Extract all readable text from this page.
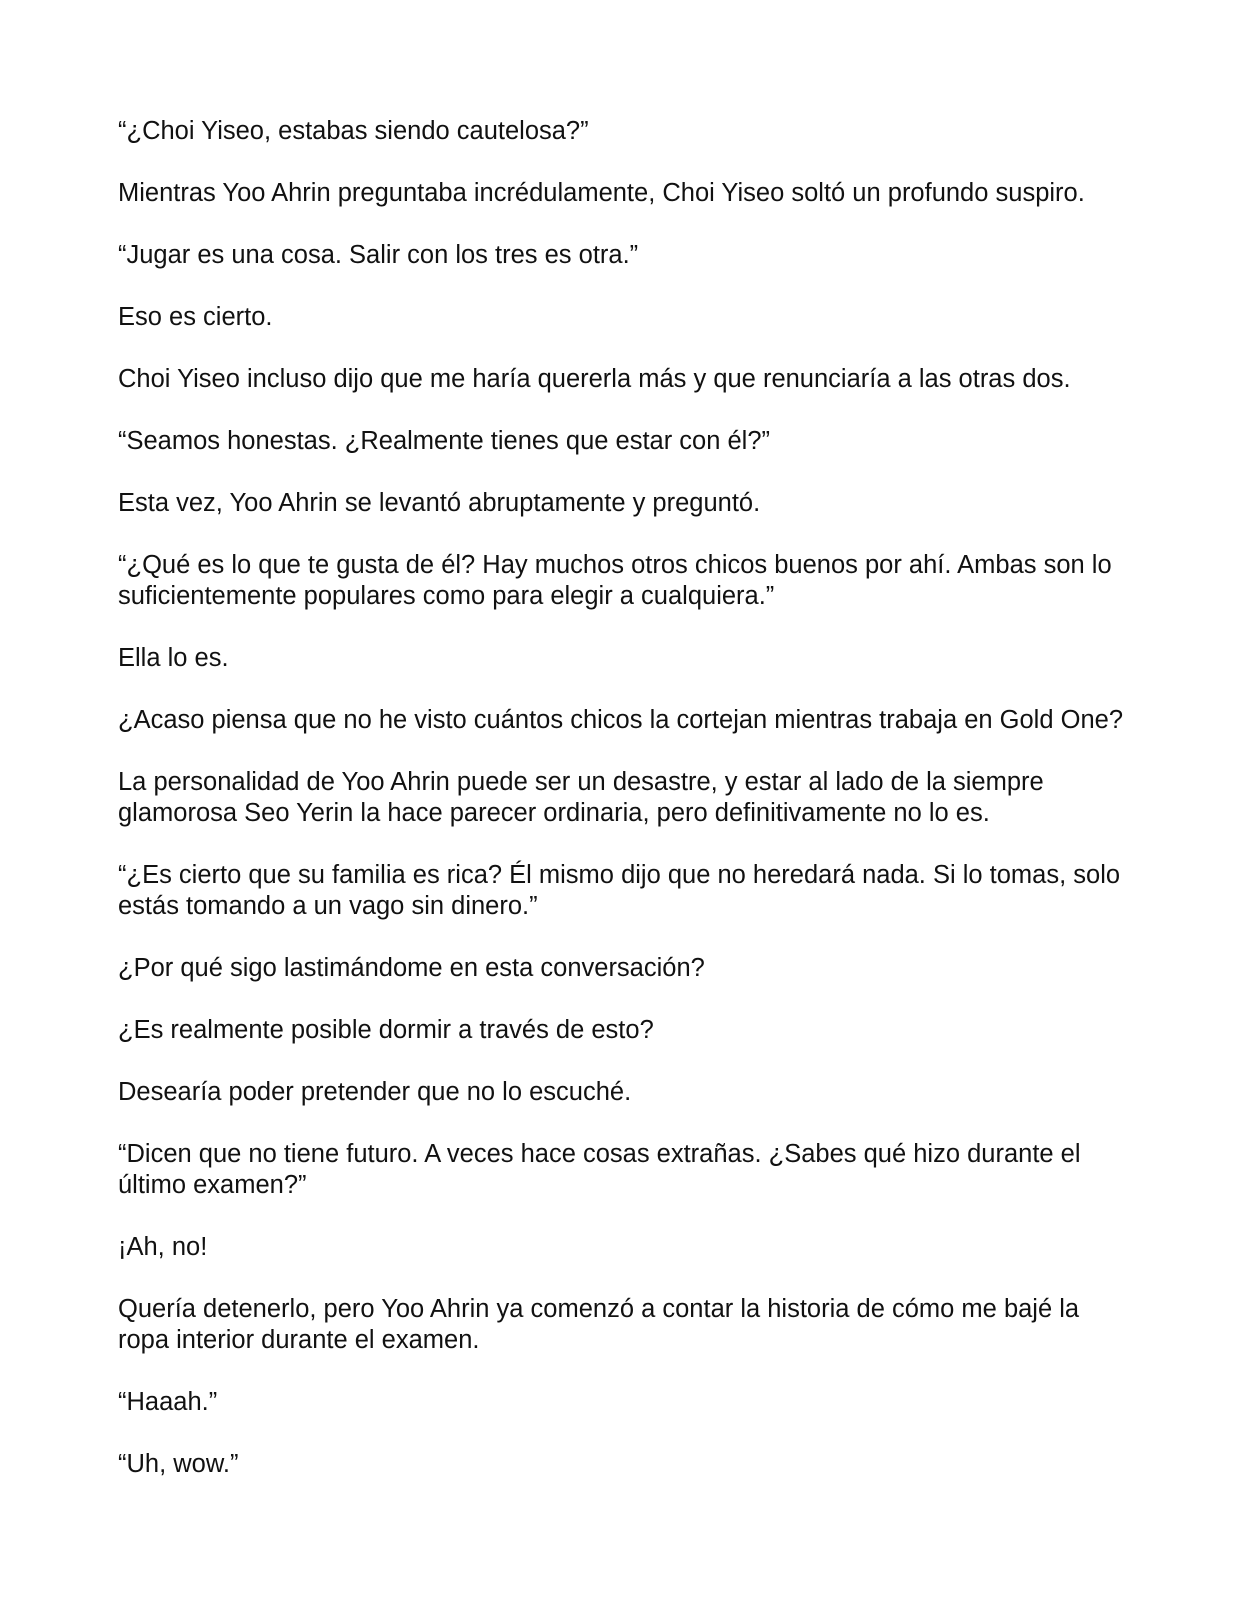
“¿Choi Yiseo, estabas siendo cautelosa?”

Mientras Yoo Ahrin preguntaba incrédulamente, Choi Yiseo soltó un profundo suspiro.

“Jugar es una cosa. Salir con los tres es otra.”

Eso es cierto.

Choi Yiseo incluso dijo que me haría quererla más y que renunciaría a las otras dos.

“Seamos honestas. ¿Realmente tienes que estar con él?”

Esta vez, Yoo Ahrin se levantó abruptamente y preguntó.

“¿Qué es lo que te gusta de él? Hay muchos otros chicos buenos por ahí. Ambas son lo suficientemente populares como para elegir a cualquiera.”

Ella lo es.

¿Acaso piensa que no he visto cuántos chicos la cortejan mientras trabaja en Gold One?

La personalidad de Yoo Ahrin puede ser un desastre, y estar al lado de la siempre glamorosa Seo Yerin la hace parecer ordinaria, pero definitivamente no lo es.

“¿Es cierto que su familia es rica? Él mismo dijo que no heredará nada. Si lo tomas, solo estás tomando a un vago sin dinero.”

¿Por qué sigo lastimándome en esta conversación?

¿Es realmente posible dormir a través de esto?

Desearía poder pretender que no lo escuché.

“Dicen que no tiene futuro. A veces hace cosas extrañas. ¿Sabes qué hizo durante el último examen?”

¡Ah, no!

Quería detenerlo, pero Yoo Ahrin ya comenzó a contar la historia de cómo me bajé la ropa interior durante el examen.

“Haaah.”

“Uh, wow.”
